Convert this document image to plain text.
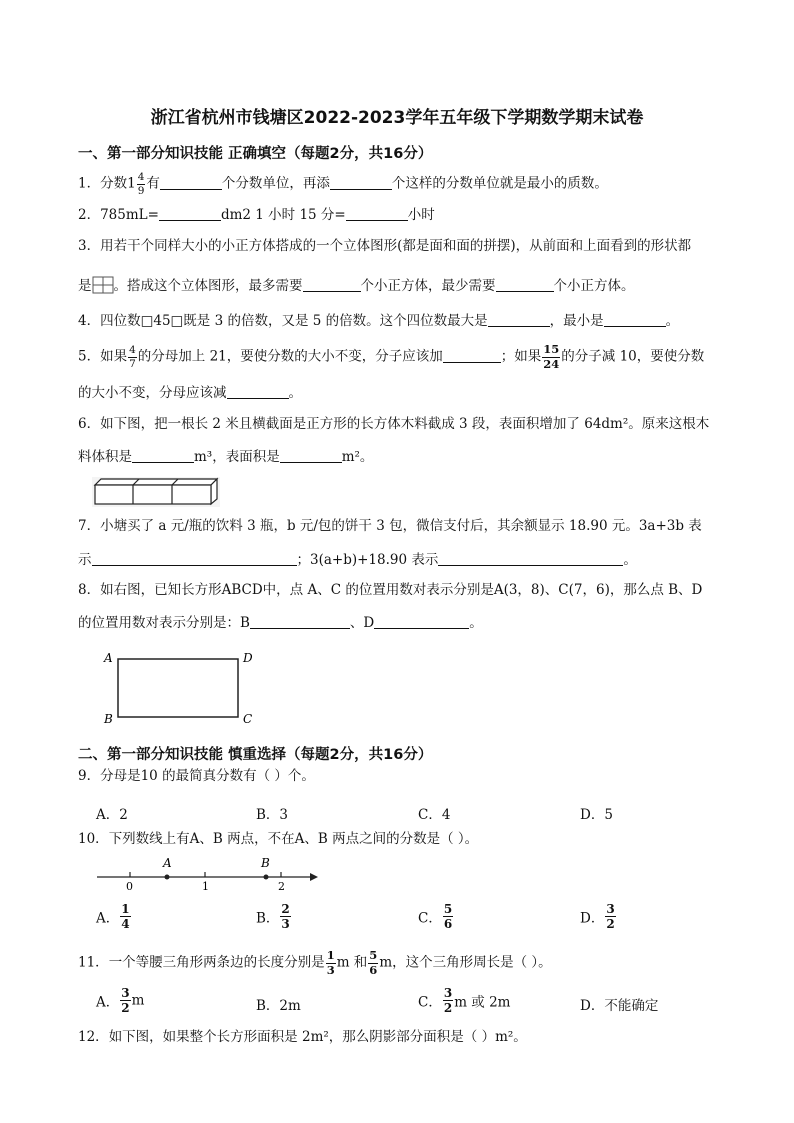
浙江省杭州市钱塘区2022-2023学年五年级下学期数学期末试卷
一、第一部分知识技能 正确填空（每题2分，共16分）
1．分数$1 \frac{4}{9}$ 有	个分数单位，再添	个这样的分数单位就是最小的质数。
2．785mL=	dm2 1 小时 15 分=	小时
3．用若干个同样大小的小正方体搭成的一个立体图形(都是面和面的拼摆)，从前面和上面看到的形状都
是 。搭成这个立体图形，最多需要	个小正方体，最少需要	个小正方体。
4．四位数□45□既是 3 的倍数，又是 5 的倍数。这个四位数最大是	，最小是	。
5．如果 $\frac{4}{7}$ 的分母加上 21，要使分数的大小不变，分子应该加	；如果 $\frac{15}{24}$ 的分子减 10，要使分数
的大小不变，分母应该减	。
6．如下图，把一根长 2 米且横截面是正方形的长方体木料截成 3 段，表面积增加了 64dm²。原来这根木
料体积是	m³，表面积是	m²。
7．小塘买了 a 元/瓶的饮料 3 瓶，b 元/包的饼干 3 包，微信支付后，其余额显示 18.90 元。3a+3b 表
示	；3(a+b)+18.90 表示	。
8．如右图，已知长方形ABCD中，点 A、C 的位置用数对表示分别是A(3，8)、C(7，6)，那么点 B、D
的位置用数对表示分别是：B	、D	。
A
B	C
D
二、第一部分知识技能 慎重选择（每题2分，共16分）
9．分母是10 的最简真分数有（ ）个。
A．2	B．3	C．4	D．5
10．下列数线上有A、B 两点，不在A、B 两点之间的分数是（ ）。
0	1	2
A	B
A． $\frac{1}{4}$	B． $\frac{2}{3}$	C． $\frac{5}{6}$	D． $\frac{3}{2}$
11．一个等腰三角形两条边的长度分别是 $\frac{1}{3}$ m 和 $\frac{5}{6}$ m，这个三角形周长是（ ）。
A． $\frac{3}{2}$ m	B．2m	C． $\frac{3}{2}$ m 或 2m	D．不能确定
12．如下图，如果整个长方形面积是 2m²，那么阴影部分面积是（ ）m²。
